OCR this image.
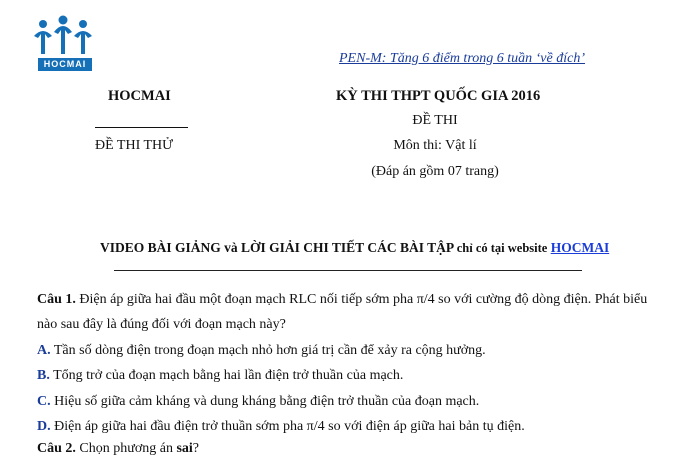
HOCMAI	PEN-M: Tăng 6 điểm trong 6 tuần ‘về đích’
HOCMAI
ĐỀ THI THỬ
KỲ THI THPT QUỐC GIA 2016
ĐỀ THI
Môn thi: Vật lí
(Đáp án gồm 07 trang)
VIDEO BÀI GIẢNG và LỜI GIẢI CHI TIẾT CÁC BÀI TẬP chỉ có tại website HOCMAI
Câu 1. Điện áp giữa hai đầu một đoạn mạch RLC nối tiếp sớm pha π/4 so với cường độ dòng điện. Phát biểu
nào sau đây là đúng đối với đoạn mạch này?
A. Tần số dòng điện trong đoạn mạch nhỏ hơn giá trị cần để xảy ra cộng hưởng.
B. Tổng trở của đoạn mạch bằng hai lần điện trở thuần của mạch.
C. Hiệu số giữa cảm kháng và dung kháng bằng điện trở thuần của đoạn mạch.
D. Điện áp giữa hai đầu điện trở thuần sớm pha π/4 so với điện áp giữa hai bản tụ điện.
Câu 2. Chọn phương án sai?
